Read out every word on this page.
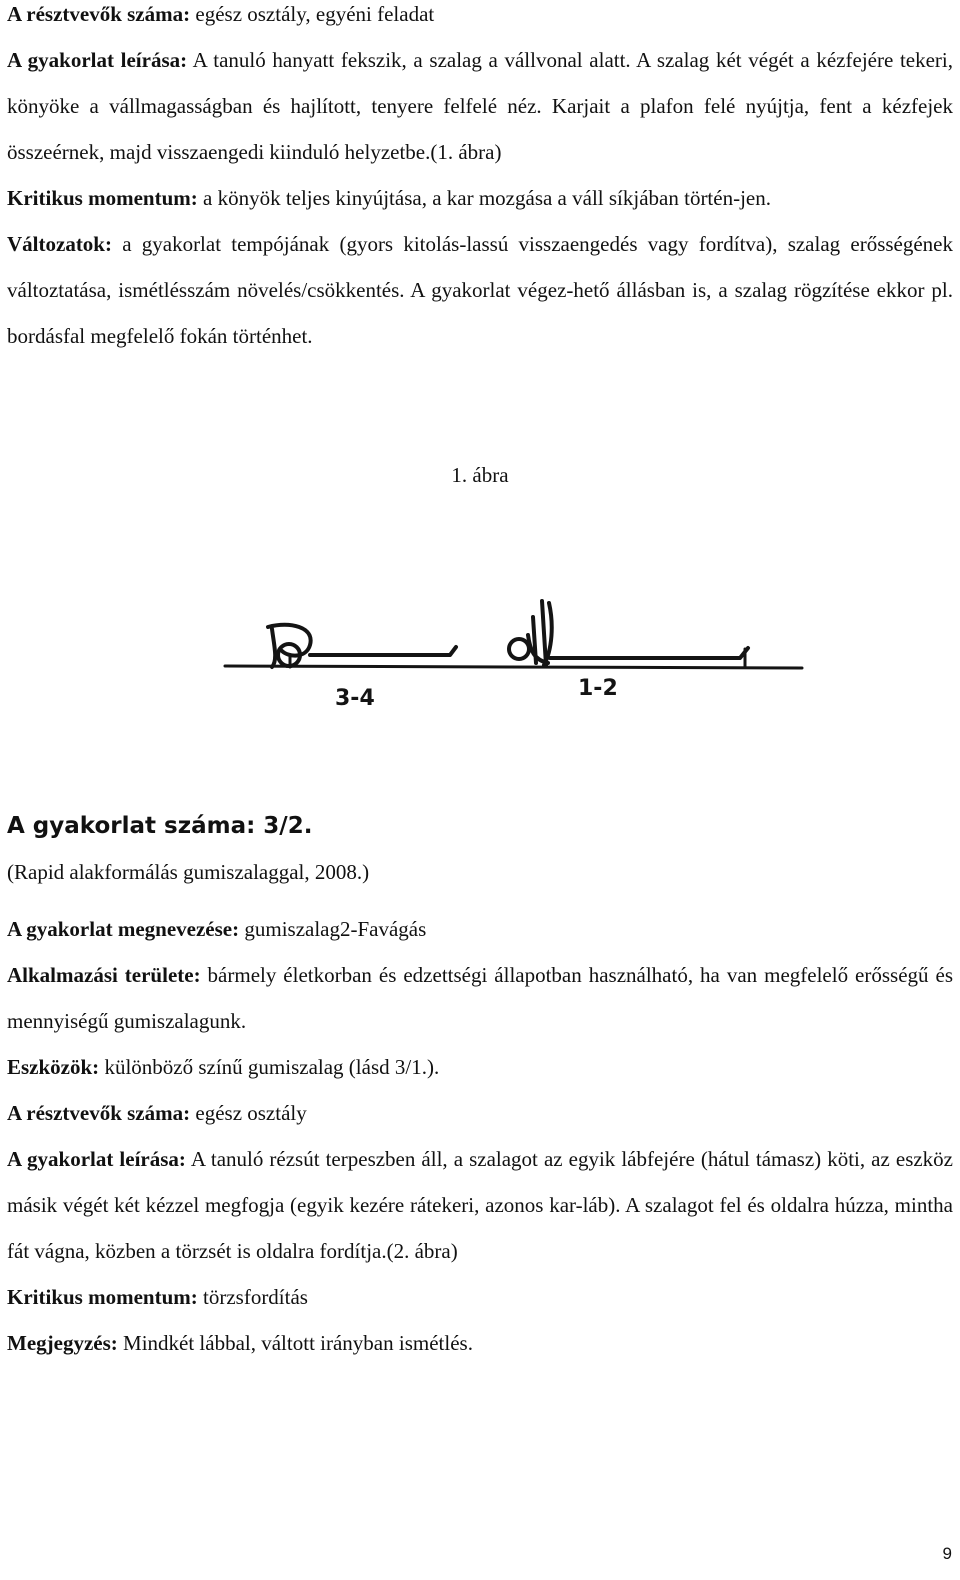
A résztvevők száma: egész osztály, egyéni feladat

A gyakorlat leírása: A tanuló hanyatt fekszik, a szalag a vállvonal alatt. A szalag két végét a kézfejére tekeri, könyöke a vállmagasságban és hajlított, tenyere felfelé néz. Karjait a plafon felé nyújtja, fent a kézfejek összeérnek, majd visszaengedi kiinduló helyzetbe.(1. ábra)

Kritikus momentum: a könyök teljes kinyújtása, a kar mozgása a váll síkjában történ-jen.

Változatok: a gyakorlat tempójának (gyors kitolás-lassú visszaengedés vagy fordítva), szalag erősségének változtatása, ismétlésszám növelés/csökkentés. A gyakorlat végez-hető állásban is, a szalag rögzítése ekkor pl. bordásfal megfelelő fokán történhet.

1. ábra
3-4	1-2
A gyakorlat száma: 3/2.
(Rapid alakformálás gumiszalaggal, 2008.)

A gyakorlat megnevezése: gumiszalag2-Favágás

Alkalmazási területe: bármely életkorban és edzettségi állapotban használható, ha van megfelelő erősségű és mennyiségű gumiszalagunk.

Eszközök: különböző színű gumiszalag (lásd 3/1.).

A résztvevők száma: egész osztály

A gyakorlat leírása: A tanuló rézsút terpeszben áll, a szalagot az egyik lábfejére (hátul támasz) köti, az eszköz másik végét két kézzel megfogja (egyik kezére rátekeri, azonos kar-láb). A szalagot fel és oldalra húzza, mintha fát vágna, közben a törzsét is oldalra fordítja.(2. ábra)

Kritikus momentum: törzsfordítás

Megjegyzés: Mindkét lábbal, váltott irányban ismétlés.

9
